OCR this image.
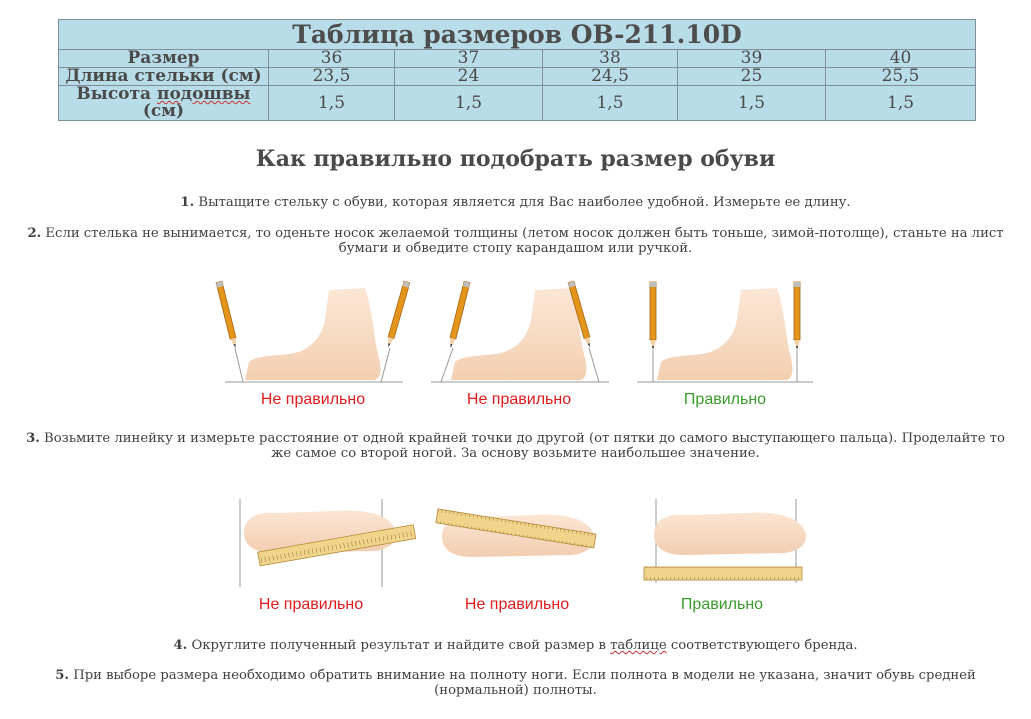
Таблица размеров OB-211.10D					
Размер	36	37	38	39	40
Длина стельки (см)	23,5	24	24,5	25	25,5
Высота подошвы (см)	1,5	1,5	1,5	1,5	1,5
Как правильно подобрать размер обуви
1. Вытащите стельку с обуви, которая является для Вас наиболее удобной. Измерьте ее длину.
2. Если стелька не вынимается, то оденьте носок желаемой толщины (летом носок должен быть тоньше, зимой-потолще), станьте на лист
бумаги и обведите стопу карандашом или ручкой.
Не правильно	Не правильно	Правильно
3. Возьмите линейку и измерьте расстояние от одной крайней точки до другой (от пятки до самого выступающего пальца). Проделайте то
же самое со второй ногой. За основу возьмите наибольшее значение.
Не правильно	Не правильно	Правильно
4. Округлите полученный результат и найдите свой размер в таблице соответствующего бренда.
5. При выборе размера необходимо обратить внимание на полноту ноги. Если полнота в модели не указана, значит обувь средней
(нормальной) полноты.
